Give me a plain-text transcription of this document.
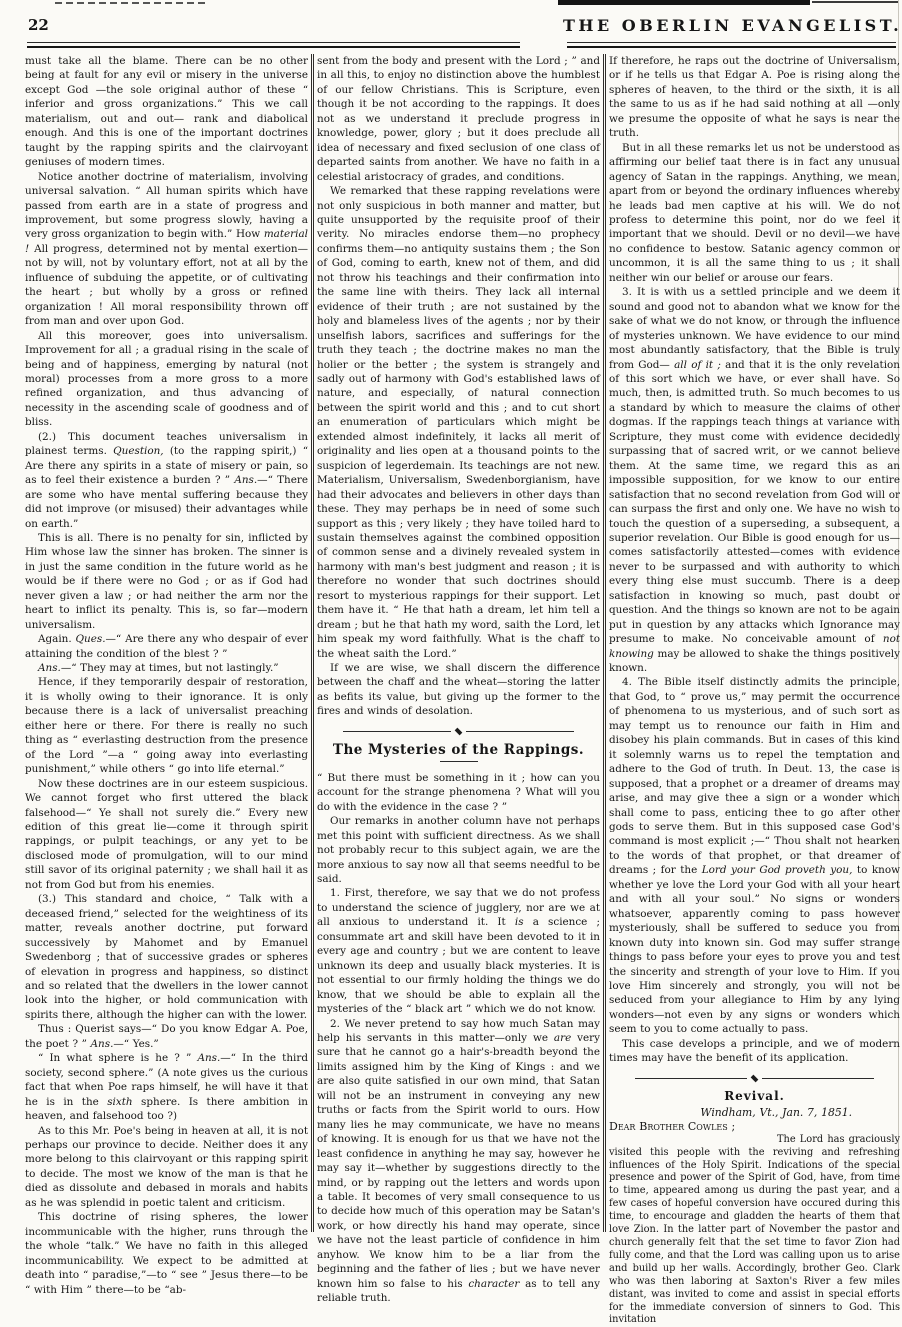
22	THE OBERLIN EVANGELIST.

must take all the blame. There can be no other being at fault for any evil or misery in the universe except God —the sole original author of these “ inferior and gross organizations.” This we call materialism, out and out— rank and diabolical enough. And this is one of the important doctrines taught by the rapping spirits and the clairvoyant geniuses of modern times.

Notice another doctrine of materialism, involving universal salvation. “ All human spirits which have passed from earth are in a state of progress and improvement, but some progress slowly, having a very gross organization to begin with.” How material ! All progress, determined not by mental exertion—not by will, not by voluntary effort, not at all by the influence of subduing the appetite, or of cultivating the heart ; but wholly by a gross or refined organization ! All moral responsibility thrown off from man and over upon God.

All this moreover, goes into universalism. Improvement for all ; a gradual rising in the scale of being and of happiness, emerging by natural (not moral) processes from a more gross to a more refined organization, and thus advancing of necessity in the ascending scale of goodness and of bliss.

(2.) This document teaches universalism in plainest terms. Question, (to the rapping spirit,) “ Are there any spirits in a state of misery or pain, so as to feel their existence a burden ? ” Ans.—“ There are some who have mental suffering because they did not improve (or misused) their advantages while on earth.”

This is all. There is no penalty for sin, inflicted by Him whose law the sinner has broken. The sinner is in just the same condition in the future world as he would be if there were no God ; or as if God had never given a law ; or had neither the arm nor the heart to inflict its penalty. This is, so far—modern universalism.

Again. Ques.—“ Are there any who despair of ever attaining the condition of the blest ? ”

Ans.—“ They may at times, but not lastingly.”

Hence, if they temporarily despair of restoration, it is wholly owing to their ignorance. It is only because there is a lack of universalist preaching either here or there. For there is really no such thing as “ everlasting destruction from the presence of the Lord ”—a “ going away into everlasting punishment,” while others “ go into life eternal.”

Now these doctrines are in our esteem suspicious. We cannot forget who first uttered the black falsehood—“ Ye shall not surely die.” Every new edition of this great lie—come it through spirit rappings, or pulpit teachings, or any yet to be disclosed mode of promulgation, will to our mind still savor of its original paternity ; we shall hail it as not from God but from his enemies.

(3.) This standard and choice, “ Talk with a deceased friend,” selected for the weightiness of its matter, reveals another doctrine, put forward successively by Mahomet and by Emanuel Swedenborg ; that of successive grades or spheres of elevation in progress and happiness, so distinct and so related that the dwellers in the lower cannot look into the higher, or hold communication with spirits there, although the higher can with the lower.

Thus : Querist says—“ Do you know Edgar A. Poe, the poet ? ” Ans.—“ Yes.”

“ In what sphere is he ? ” Ans.—“ In the third society, second sphere.” (A note gives us the curious fact that when Poe raps himself, he will have it that he is in the sixth sphere. Is there ambition in heaven, and falsehood too ?)

As to this Mr. Poe's being in heaven at all, it is not perhaps our province to decide. Neither does it any more belong to this clairvoyant or this rapping spirit to decide. The most we know of the man is that he died as dissolute and debased in morals and habits as he was splendid in poetic talent and criticism.

This doctrine of rising spheres, the lower incommunicable with the higher, runs through the the whole “talk.” We have no faith in this alleged incommunicability. We expect to be admitted at death into “ paradise,”—to “ see ” Jesus there—to be “ with Him ” there—to be “ab-

sent from the body and present with the Lord ; ” and in all this, to enjoy no distinction above the humblest of our fellow Christians. This is Scripture, even though it be not according to the rappings. It does not as we understand it preclude progress in knowledge, power, glory ; but it does preclude all idea of necessary and fixed seclusion of one class of departed saints from another. We have no faith in a celestial aristocracy of grades, and conditions.

We remarked that these rapping revelations were not only suspicious in both manner and matter, but quite unsupported by the requisite proof of their verity. No miracles endorse them—no prophecy confirms them—no antiquity sustains them ; the Son of God, coming to earth, knew not of them, and did not throw his teachings and their confirmation into the same line with theirs. They lack all internal evidence of their truth ; are not sustained by the holy and blameless lives of the agents ; nor by their unselfish labors, sacrifices and sufferings for the truth they teach ; the doctrine makes no man the holier or the better ; the system is strangely and sadly out of harmony with God's established laws of nature, and especially, of natural connection between the spirit world and this ; and to cut short an enumeration of particulars which might be extended almost indefinitely, it lacks all merit of originality and lies open at a thousand points to the suspicion of legerdemain. Its teachings are not new. Materialism, Universalism, Swedenborgianism, have had their advocates and believers in other days than these. They may perhaps be in need of some such support as this ; very likely ; they have toiled hard to sustain themselves against the combined opposition of common sense and a divinely revealed system in harmony with man's best judgment and reason ; it is therefore no wonder that such doctrines should resort to mysterious rappings for their support. Let them have it. “ He that hath a dream, let him tell a dream ; but he that hath my word, saith the Lord, let him speak my word faithfully. What is the chaff to the wheat saith the Lord.”

If we are wise, we shall discern the difference between the chaff and the wheat—storing the latter as befits its value, but giving up the former to the fires and winds of desolation.

The Mysteries of the Rappings.

“ But there must be something in it ; how can you account for the strange phenomena ? What will you do with the evidence in the case ? ”

Our remarks in another column have not perhaps met this point with sufficient directness. As we shall not probably recur to this subject again, we are the more anxious to say now all that seems needful to be said.

1. First, therefore, we say that we do not profess to understand the science of jugglery, nor are we at all anxious to understand it. It is a science ; consummate art and skill have been devoted to it in every age and country ; but we are content to leave unknown its deep and usually black mysteries. It is not essential to our firmly holding the things we do know, that we should be able to explain all the mysteries of the “ black art ” which we do not know.

2. We never pretend to say how much Satan may help his servants in this matter—only we are very sure that he cannot go a hair's-breadth beyond the limits assigned him by the King of Kings : and we are also quite satisfied in our own mind, that Satan will not be an instrument in conveying any new truths or facts from the Spirit world to ours. How many lies he may communicate, we have no means of knowing. It is enough for us that we have not the least confidence in anything he may say, however he may say it—whether by suggestions directly to the mind, or by rapping out the letters and words upon a table. It becomes of very small consequence to us to decide how much of this operation may be Satan's work, or how directly his hand may operate, since we have not the least particle of confidence in him anyhow. We know him to be a liar from the beginning and the father of lies ; but we have never known him so false to his character as to tell any reliable truth.

If therefore, he raps out the doctrine of Universalism, or if he tells us that Edgar A. Poe is rising along the spheres of heaven, to the third or the sixth, it is all the same to us as if he had said nothing at all —only we presume the opposite of what he says is near the truth.

But in all these remarks let us not be understood as affirming our belief taat there is in fact any unusual agency of Satan in the rappings. Anything, we mean, apart from or beyond the ordinary influences whereby he leads bad men captive at his will. We do not profess to determine this point, nor do we feel it important that we should. Devil or no devil—we have no confidence to bestow. Satanic agency common or uncommon, it is all the same thing to us ; it shall neither win our belief or arouse our fears.

3. It is with us a settled principle and we deem it sound and good not to abandon what we know for the sake of what we do not know, or through the influence of mysteries unknown. We have evidence to our mind most abundantly satisfactory, that the Bible is truly from God— all of it ; and that it is the only revelation of this sort which we have, or ever shall have. So much, then, is admitted truth. So much becomes to us a standard by which to measure the claims of other dogmas. If the rappings teach things at variance with Scripture, they must come with evidence decidedly surpassing that of sacred writ, or we cannot believe them. At the same time, we regard this as an impossible supposition, for we know to our entire satisfaction that no second revelation from God will or can surpass the first and only one. We have no wish to touch the question of a superseding, a subsequent, a superior revelation. Our Bible is good enough for us—comes satisfactorily attested—comes with evidence never to be surpassed and with authority to which every thing else must succumb. There is a deep satisfaction in knowing so much, past doubt or question. And the things so known are not to be again put in question by any attacks which Ignorance may presume to make. No conceivable amount of not knowing may be allowed to shake the things positively known.

4. The Bible itself distinctly admits the principle, that God, to “ prove us,” may permit the occurrence of phenomena to us mysterious, and of such sort as may tempt us to renounce our faith in Him and disobey his plain commands. But in cases of this kind it solemnly warns us to repel the temptation and adhere to the God of truth. In Deut. 13, the case is supposed, that a prophet or a dreamer of dreams may arise, and may give thee a sign or a wonder which shall come to pass, enticing thee to go after other gods to serve them. But in this supposed case God's command is most explicit ;—“ Thou shalt not hearken to the words of that prophet, or that dreamer of dreams ; for the Lord your God proveth you, to know whether ye love the Lord your God with all your heart and with all your soul.” No signs or wonders whatsoever, apparently coming to pass however mysteriously, shall be suffered to seduce you from known duty into known sin. God may suffer strange things to pass before your eyes to prove you and test the sincerity and strength of your love to Him. If you love Him sincerely and strongly, you will not be seduced from your allegiance to Him by any lying wonders—not even by any signs or wonders which seem to you to come actually to pass.

This case develops a principle, and we of modern times may have the benefit of its application.

Revival.

Windham, Vt., Jan. 7, 1851.

Dear Brother Cowles ;

The Lord has graciously visited this people with the reviving and refreshing influences of the Holy Spirit. Indications of the special presence and power of the Spirit of God, have, from time to time, appeared among us during the past year, and a few cases of hopeful conversion have occured during this time, to encourage and gladden the hearts of them that love Zion. In the latter part of November the pastor and church generally felt that the set time to favor Zion had fully come, and that the Lord was calling upon us to arise and build up her walls. Accordingly, brother Geo. Clark who was then laboring at Saxton's River a few miles distant, was invited to come and assist in special efforts for the immediate conversion of sinners to God. This invitation
